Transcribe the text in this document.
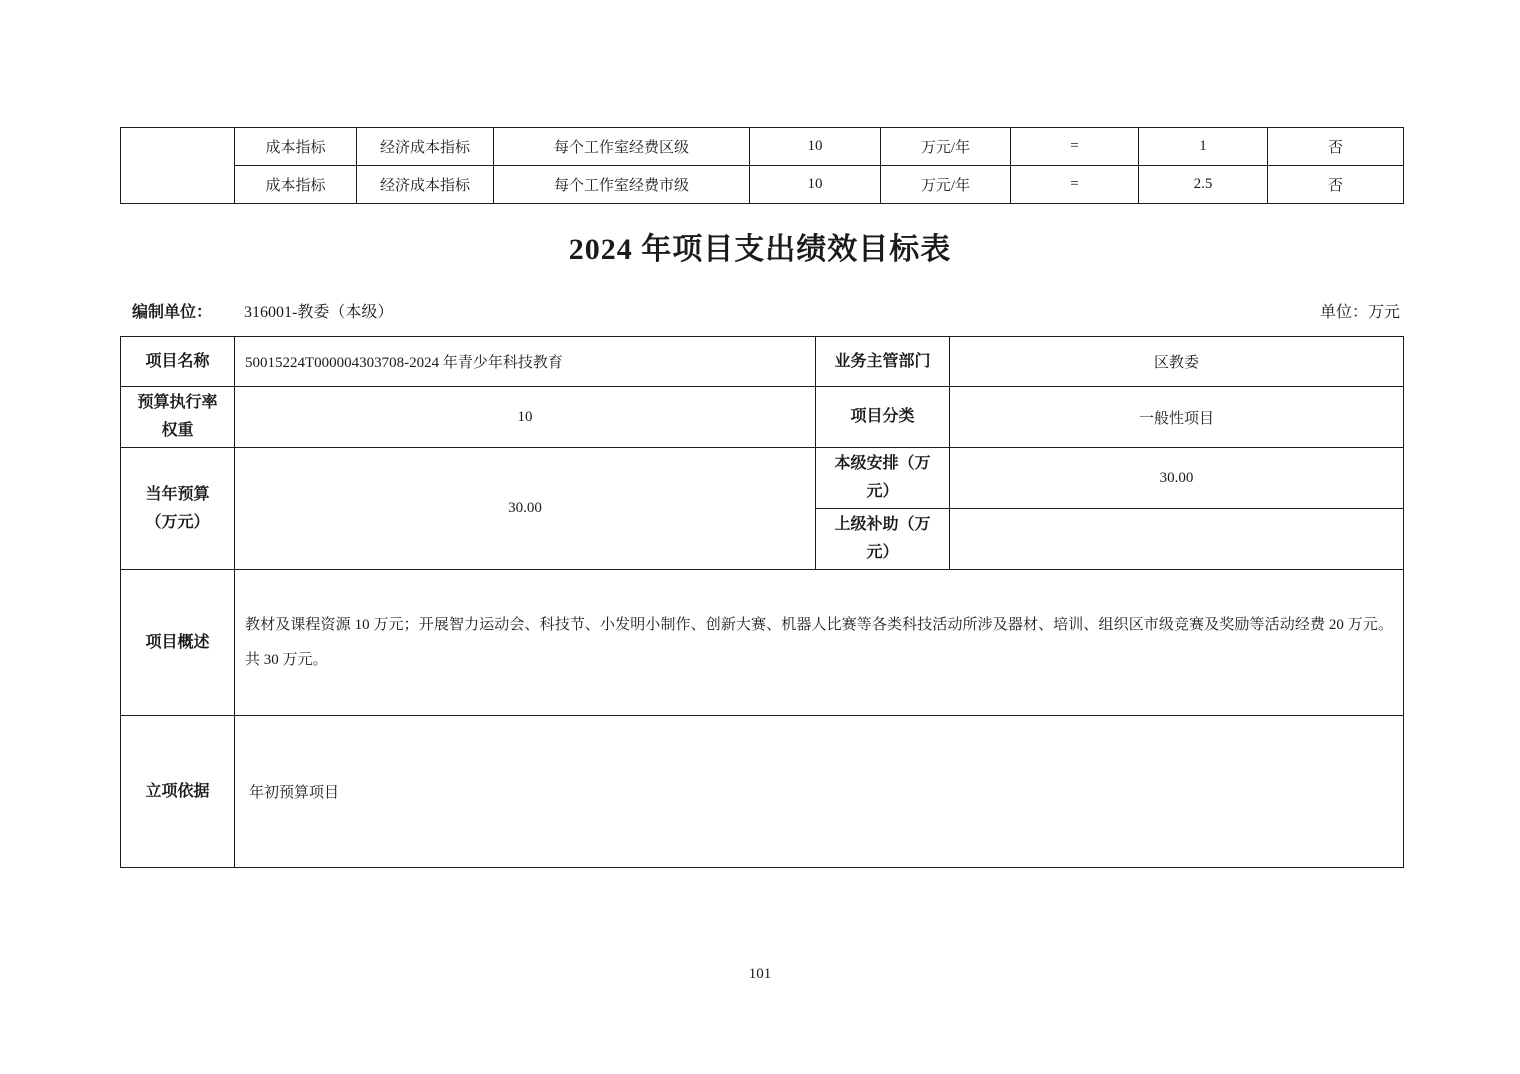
	成本指标	经济成本指标	每个工作室经费区级	10	万元/年	=	1	否
	成本指标	经济成本指标	每个工作室经费市级	10	万元/年	=	2.5	否
2024 年项目支出绩效目标表
编制单位： 316001-教委（本级）	单位：万元
项目名称	50015224T000004303708-2024 年青少年科技教育	业务主管部门	区教委
预算执行率权重	10	项目分类	一般性项目
当年预算（万元）	30.00	本级安排（万元）	30.00
		上级补助（万元）	
项目概述	教材及课程资源 10 万元；开展智力运动会、科技节、小发明小制作、创新大赛、机器人比赛等各类科技活动所涉及器材、培训、组织区市级竞赛及奖励等活动经费 20 万元。共 30 万元。		
立项依据	年初预算项目		
101
